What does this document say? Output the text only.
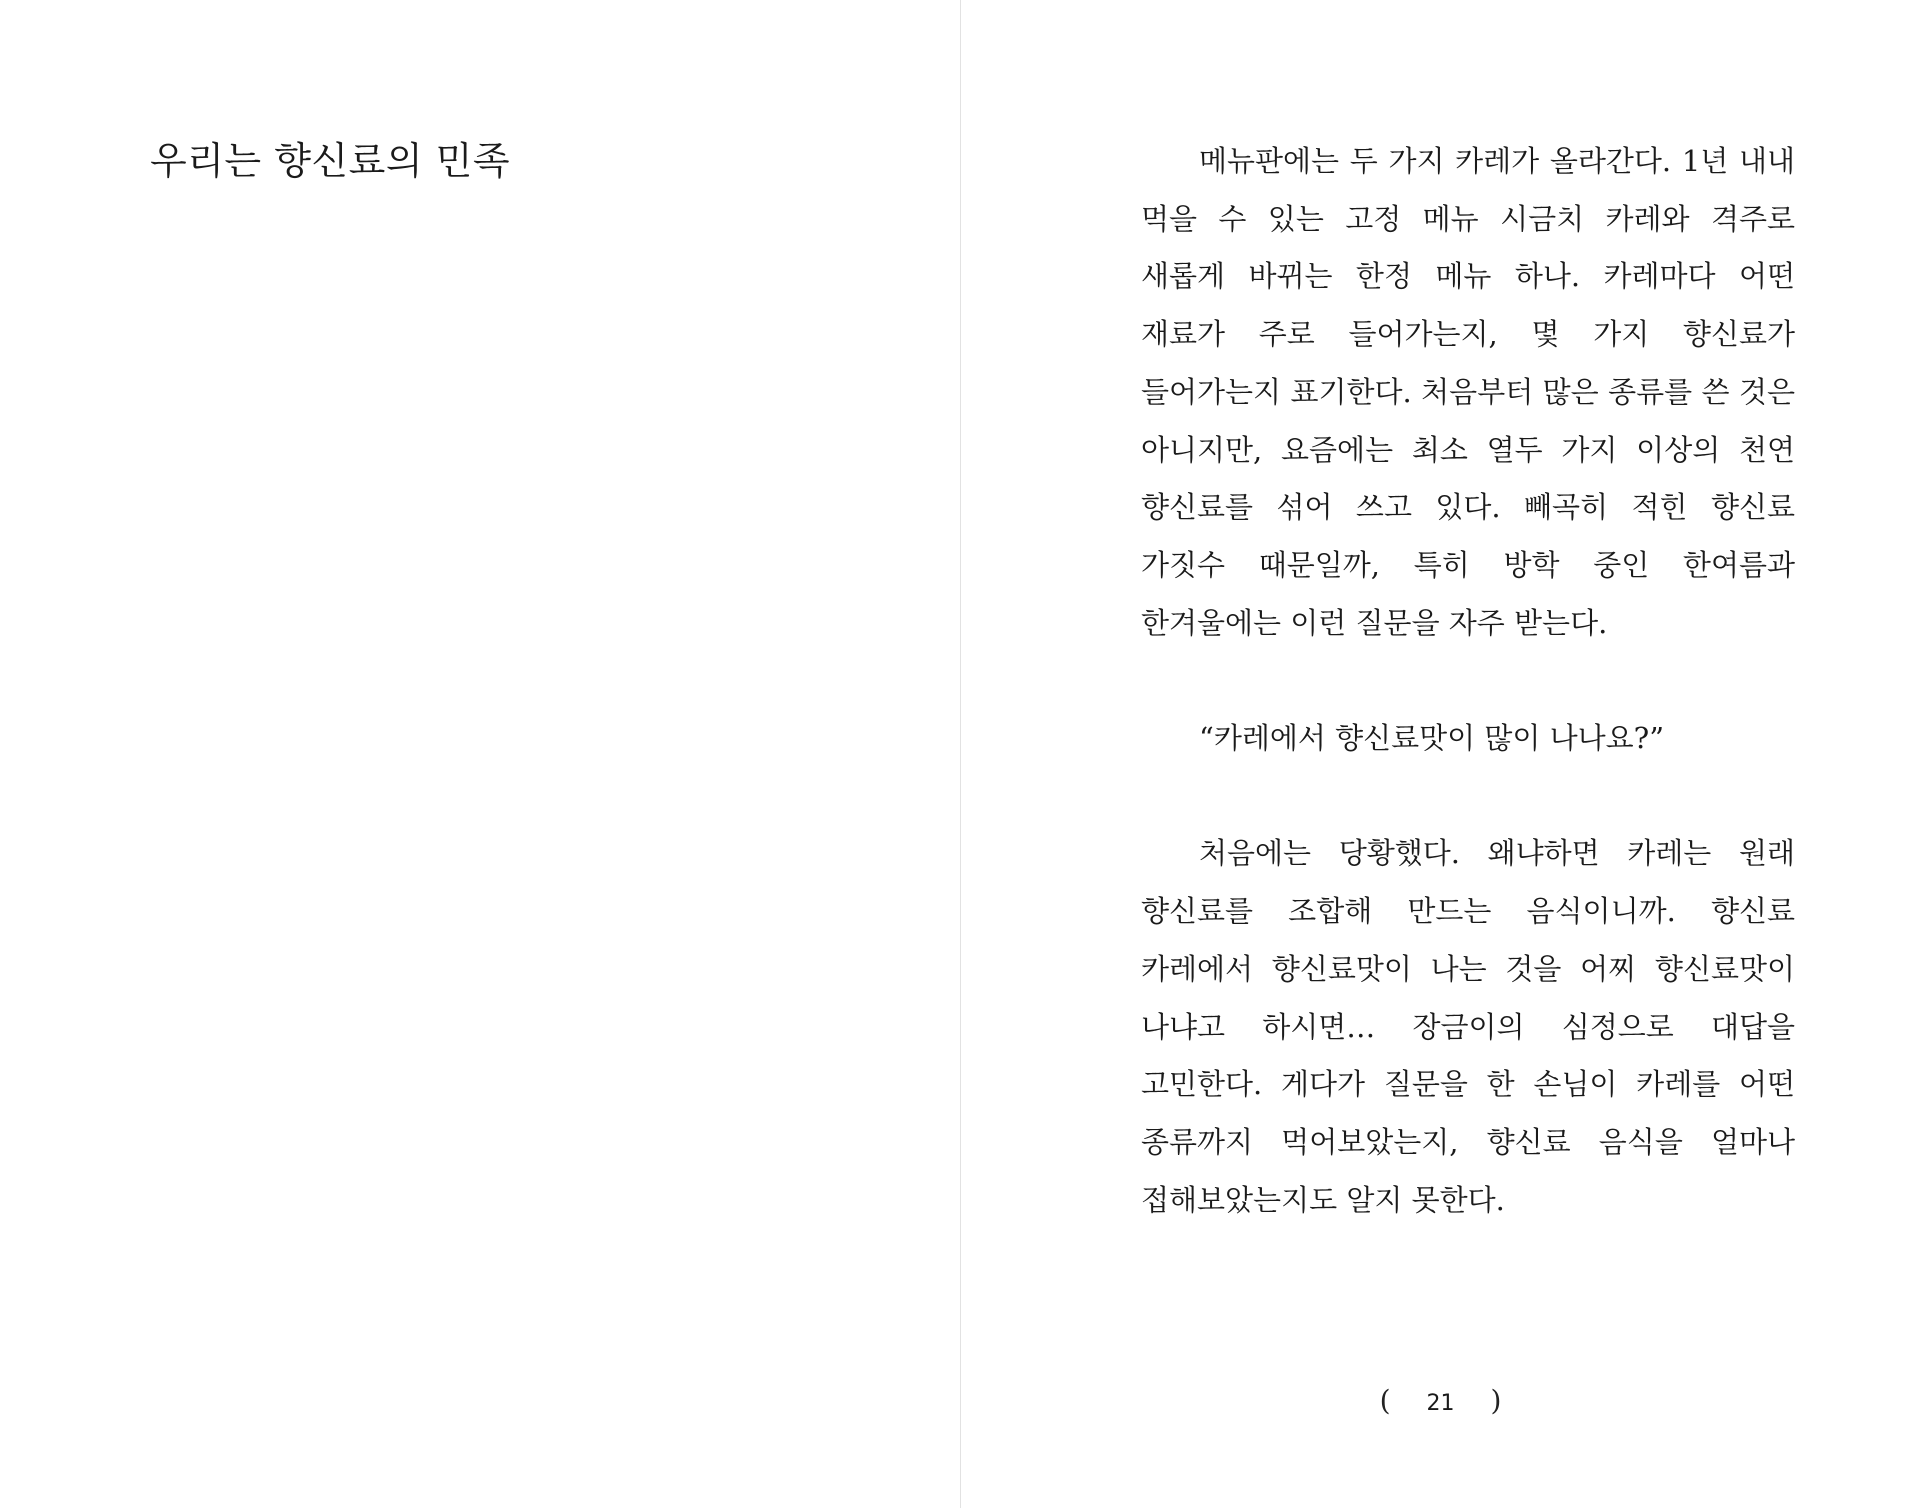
우리는 향신료의 민족	메뉴판에는 두 가지 카레가 올라간다. 1년 내내 먹을 수 있는 고정 메뉴 시금치 카레와 격주로 새롭게 바뀌는 한정 메뉴 하나. 카레마다 어떤 재료가 주로 들어가는지, 몇 가지 향신료가 들어가는지 표기한다. 처음부터 많은 종류를 쓴 것은 아니지만, 요즘에는 최소 열두 가지 이상의 천연 향신료를 섞어 쓰고 있다. 빼곡히 적힌 향신료 가짓수 때문일까, 특히 방학 중인 한여름과 한겨울에는 이런 질문을 자주 받는다.

“카레에서 향신료맛이 많이 나나요?”

처음에는 당황했다. 왜냐하면 카레는 원래 향신료를 조합해 만드는 음식이니까. 향신료 카레에서 향신료맛이 나는 것을 어찌 향신료맛이 나냐고 하시면… 장금이의 심정으로 대답을 고민한다. 게다가 질문을 한 손님이 카레를 어떤 종류까지 먹어보았는지, 향신료 음식을 얼마나 접해보았는지도 알지 못한다.

( 21 )
